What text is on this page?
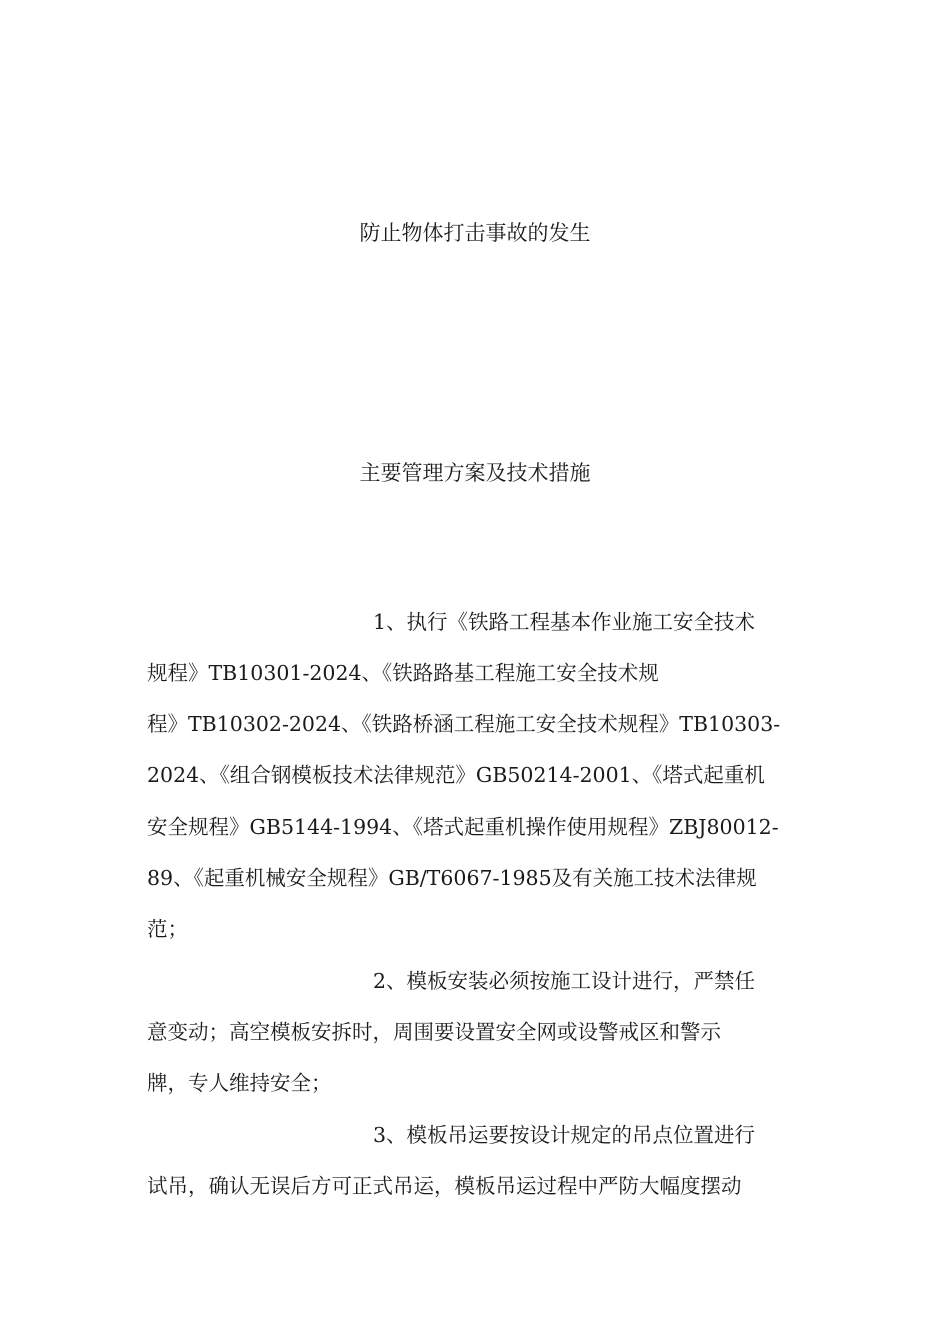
防止物体打击事故的发生
主要管理方案及技术措施
1、执行《铁路工程基本作业施工安全技术
规程》TB10301-2024、《铁路路基工程施工安全技术规
程》TB10302-2024、《铁路桥涵工程施工安全技术规程》TB10303-
2024、《组合钢模板技术法律规范》GB50214-2001、《塔式起重机
安全规程》GB5144-1994、《塔式起重机操作使用规程》ZBJ80012-
89、《起重机械安全规程》GB/T6067-1985及有关施工技术法律规
范；
2、模板安装必须按施工设计进行，严禁任
意变动；高空模板安拆时，周围要设置安全网或设警戒区和警示
牌，专人维持安全；
3、模板吊运要按设计规定的吊点位置进行
试吊，确认无误后方可正式吊运，模板吊运过程中严防大幅度摆动
